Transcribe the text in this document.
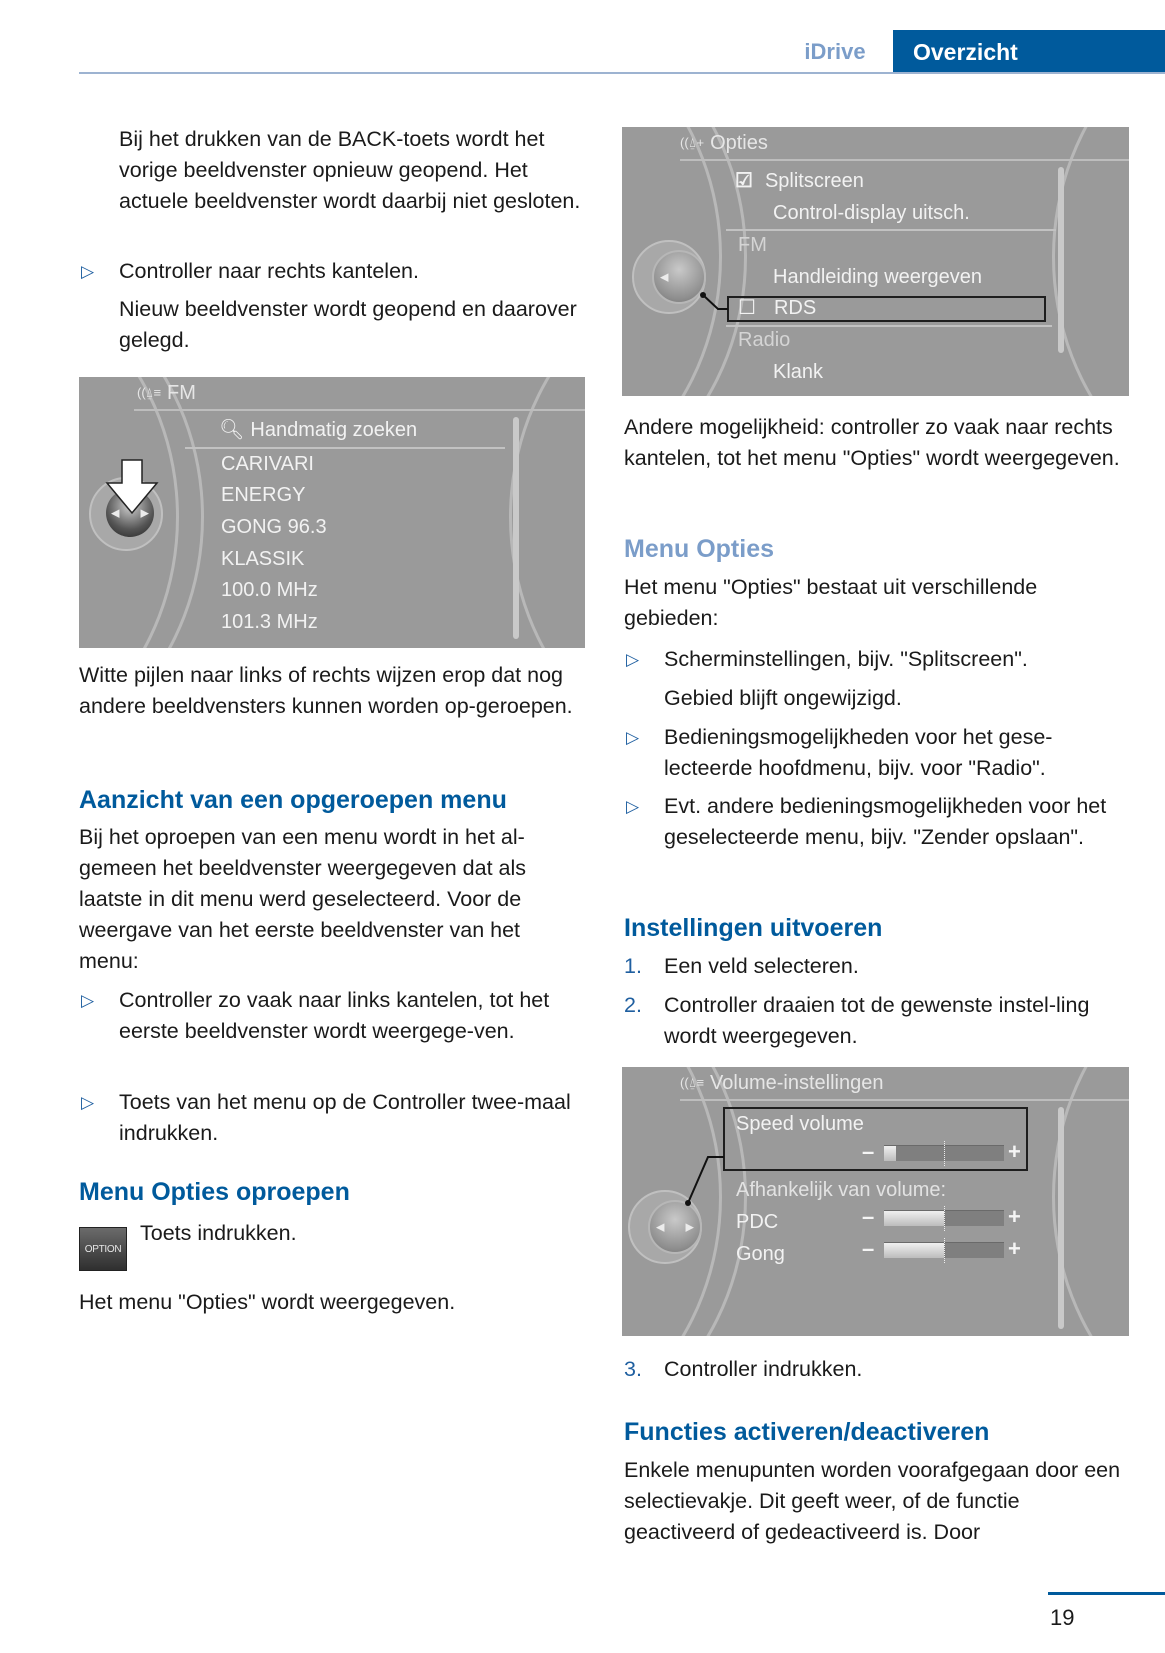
iDrive	Overzicht
Bij het drukken van de BACK-toets wordt het vorige beeldvenster opnieuw geopend. Het actuele beeldvenster wordt daarbij niet gesloten.
▷ Controller naar rechts kantelen.
Nieuw beeldvenster wordt geopend en daarover gelegd.
((⍙≡ FM
🔍︎ Handmatig zoeken
CARIVARI
ENERGY
GONG 96.3
KLASSIK
100.0 MHz
101.3 MHz
◀ ▶
Witte pijlen naar links of rechts wijzen erop dat nog andere beeldvensters kunnen worden op-geroepen.
Aanzicht van een opgeroepen menu
Bij het oproepen van een menu wordt in het al-gemeen het beeldvenster weergegeven dat als laatste in dit menu werd geselecteerd. Voor de weergave van het eerste beeldvenster van het menu:
▷ Controller zo vaak naar links kantelen, tot het eerste beeldvenster wordt weergege-ven.
▷ Toets van het menu op de Controller twee-maal indrukken.
Menu Opties oproepen
OPTION
Toets indrukken.
Het menu "Opties" wordt weergegeven.
((⍙+ Opties
☑ Splitscreen
Control-display uitsch.
FM
Handleiding weergeven
☐ RDS
Radio
Klank
◀
Andere mogelijkheid: controller zo vaak naar rechts kantelen, tot het menu "Opties" wordt weergegeven.
Menu Opties
Het menu "Opties" bestaat uit verschillende gebieden:
▷ Scherminstellingen, bijv. "Splitscreen".
Gebied blijft ongewijzigd.
▷ Bedieningsmogelijkheden voor het gese-lecteerde hoofdmenu, bijv. voor "Radio".
▷ Evt. andere bedieningsmogelijkheden voor het geselecteerde menu, bijv. "Zender opslaan".
Instellingen uitvoeren
1. Een veld selecteren.
2. Controller draaien tot de gewenste instel-ling wordt weergegeven.
((⍙≡ Volume-instellingen
Speed volume
–	+
Afhankelijk van volume:
PDC	–	+
Gong	–	+
◀ ▶
3. Controller indrukken.
Functies activeren/deactiveren
Enkele menupunten worden voorafgegaan door een selectievakje. Dit geeft weer, of de functie geactiveerd of gedeactiveerd is. Door
19
